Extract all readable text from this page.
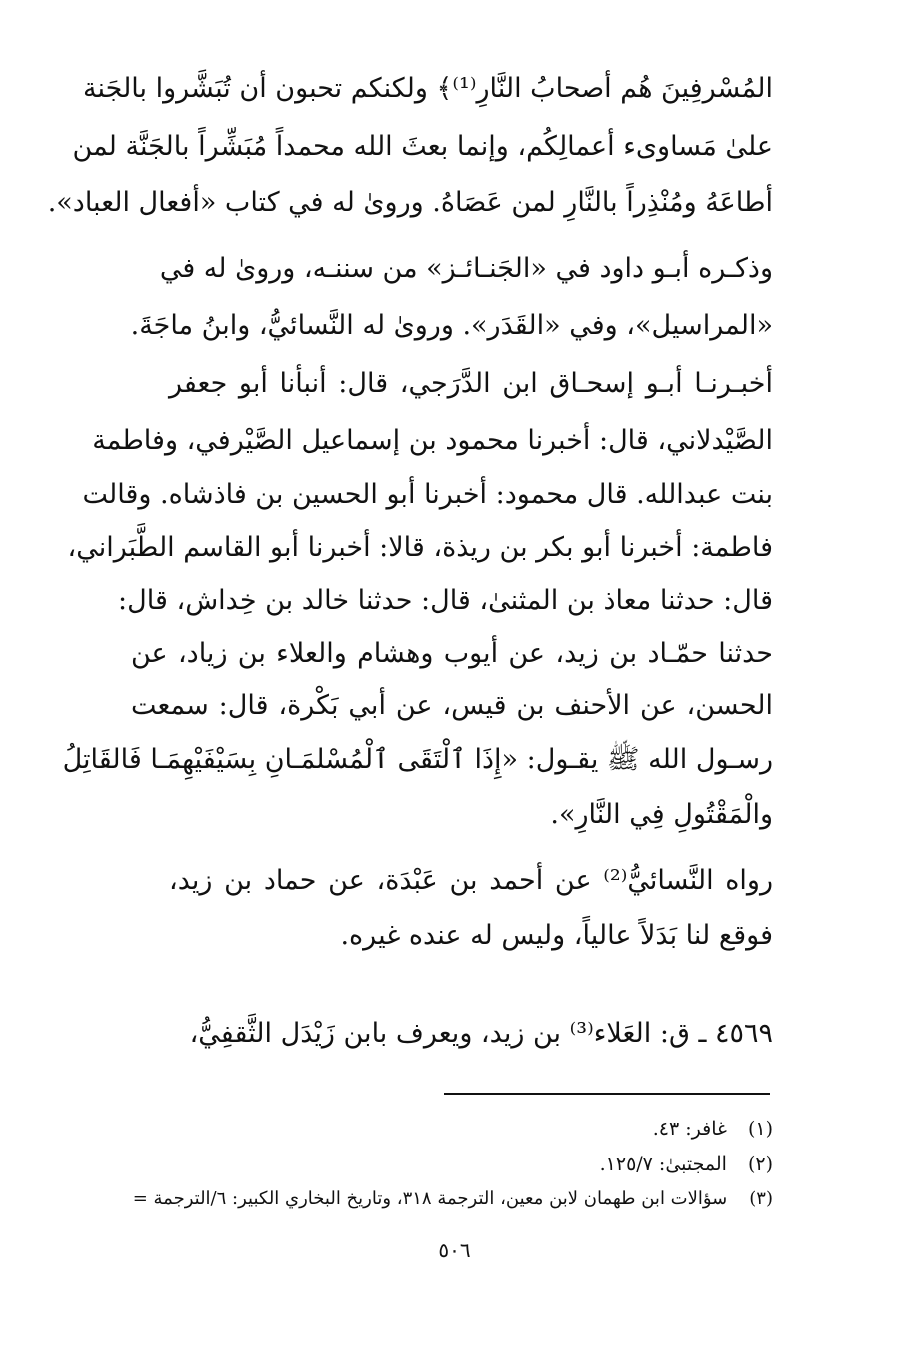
المُسْرفِينَ هُم أصحابُ النَّارِ⁽¹⁾﴾ ولكنكم تحبون أن تُبَشَّروا بالجَنة

علىٰ مَساوىء أعمالِكُم، وإنما بعثَ الله محمداً مُبَشِّراً بالجَنَّة لمن

أطاعَهُ ومُنْذِراً بالنَّارِ لمن عَصَاهُ. وروىٰ له في كتاب «أفعال العباد».

وذكـره أبـو داود في «الجَنـائـز» من سننـه، وروىٰ له في

«المراسيل»، وفي «القَدَر». وروىٰ له النَّسائيُّ، وابنُ ماجَةَ.

أخبـرنـا أبـو إسحـاق ابن الدَّرَجي، قال: أنبأنا أبو جعفر

الصَّيْدلاني، قال: أخبرنا محمود بن إسماعيل الصَّيْرفي، وفاطمة

بنت عبدالله. قال محمود: أخبرنا أبو الحسين بن فاذشاه. وقالت

فاطمة: أخبرنا أبو بكر بن ريذة، قالا: أخبرنا أبو القاسم الطَّبَراني،

قال: حدثنا معاذ بن المثنىٰ، قال: حدثنا خالد بن خِداش، قال:

حدثنا حمّـاد بن زيد، عن أيوب وهشام والعلاء بن زياد، عن

الحسن، عن الأحنف بن قيس، عن أبي بَكْرة، قال: سمعت

رسـول الله ﷺ يقـول: «إِذَا ٱلْتَقَى ٱلْمُسْلمَـانِ بِسَيْفَيْهِمَـا فَالقَاتِلُ

والْمَقْتُولِ فِي النَّارِ».

رواه النَّسائيُّ⁽²⁾ عن أحمد بن عَبْدَة، عن حماد بن زيد،

فوقع لنا بَدَلاً عالياً، وليس له عنده غيره.

٤٥٦٩ ـ ق: العَلاء⁽³⁾ بن زيد، ويعرف بابن زَيْدَل الثَّقفِيُّ،

(١) غافر: ٤٣.
(٢) المجتبىٰ: ١٢٥/٧.
(٣) سؤالات ابن طهمان لابن معين، الترجمة ٣١٨، وتاريخ البخاري الكبير: ٦/الترجمة =
٥٠٦
